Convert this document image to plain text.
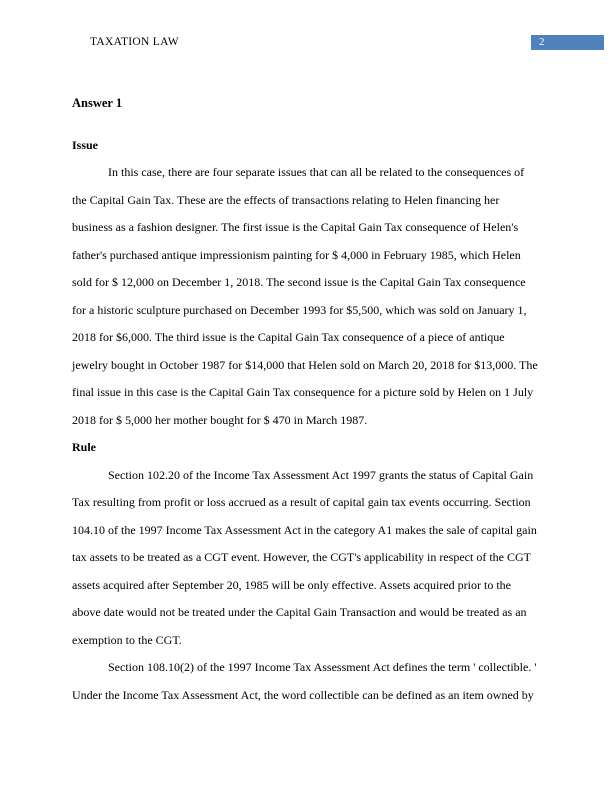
TAXATION LAW	2
Answer 1
Issue

In this case, there are four separate issues that can all be related to the consequences of the Capital Gain Tax. These are the effects of transactions relating to Helen financing her business as a fashion designer. The first issue is the Capital Gain Tax consequence of Helen's father's purchased antique impressionism painting for $ 4,000 in February 1985, which Helen sold for $ 12,000 on December 1, 2018. The second issue is the Capital Gain Tax consequence for a historic sculpture purchased on December 1993 for $5,500, which was sold on January 1, 2018 for $6,000. The third issue is the Capital Gain Tax consequence of a piece of antique jewelry bought in October 1987 for $14,000 that Helen sold on March 20, 2018 for $13,000. The final issue in this case is the Capital Gain Tax consequence for a picture sold by Helen on 1 July 2018 for $ 5,000 her mother bought for $ 470 in March 1987.

Rule

Section 102.20 of the Income Tax Assessment Act 1997 grants the status of Capital Gain Tax resulting from profit or loss accrued as a result of capital gain tax events occurring. Section 104.10 of the 1997 Income Tax Assessment Act in the category A1 makes the sale of capital gain tax assets to be treated as a CGT event. However, the CGT's applicability in respect of the CGT assets acquired after September 20, 1985 will be only effective. Assets acquired prior to the above date would not be treated under the Capital Gain Transaction and would be treated as an exemption to the CGT.

Section 108.10(2) of the 1997 Income Tax Assessment Act defines the term ' collectible. ' Under the Income Tax Assessment Act, the word collectible can be defined as an item owned by
